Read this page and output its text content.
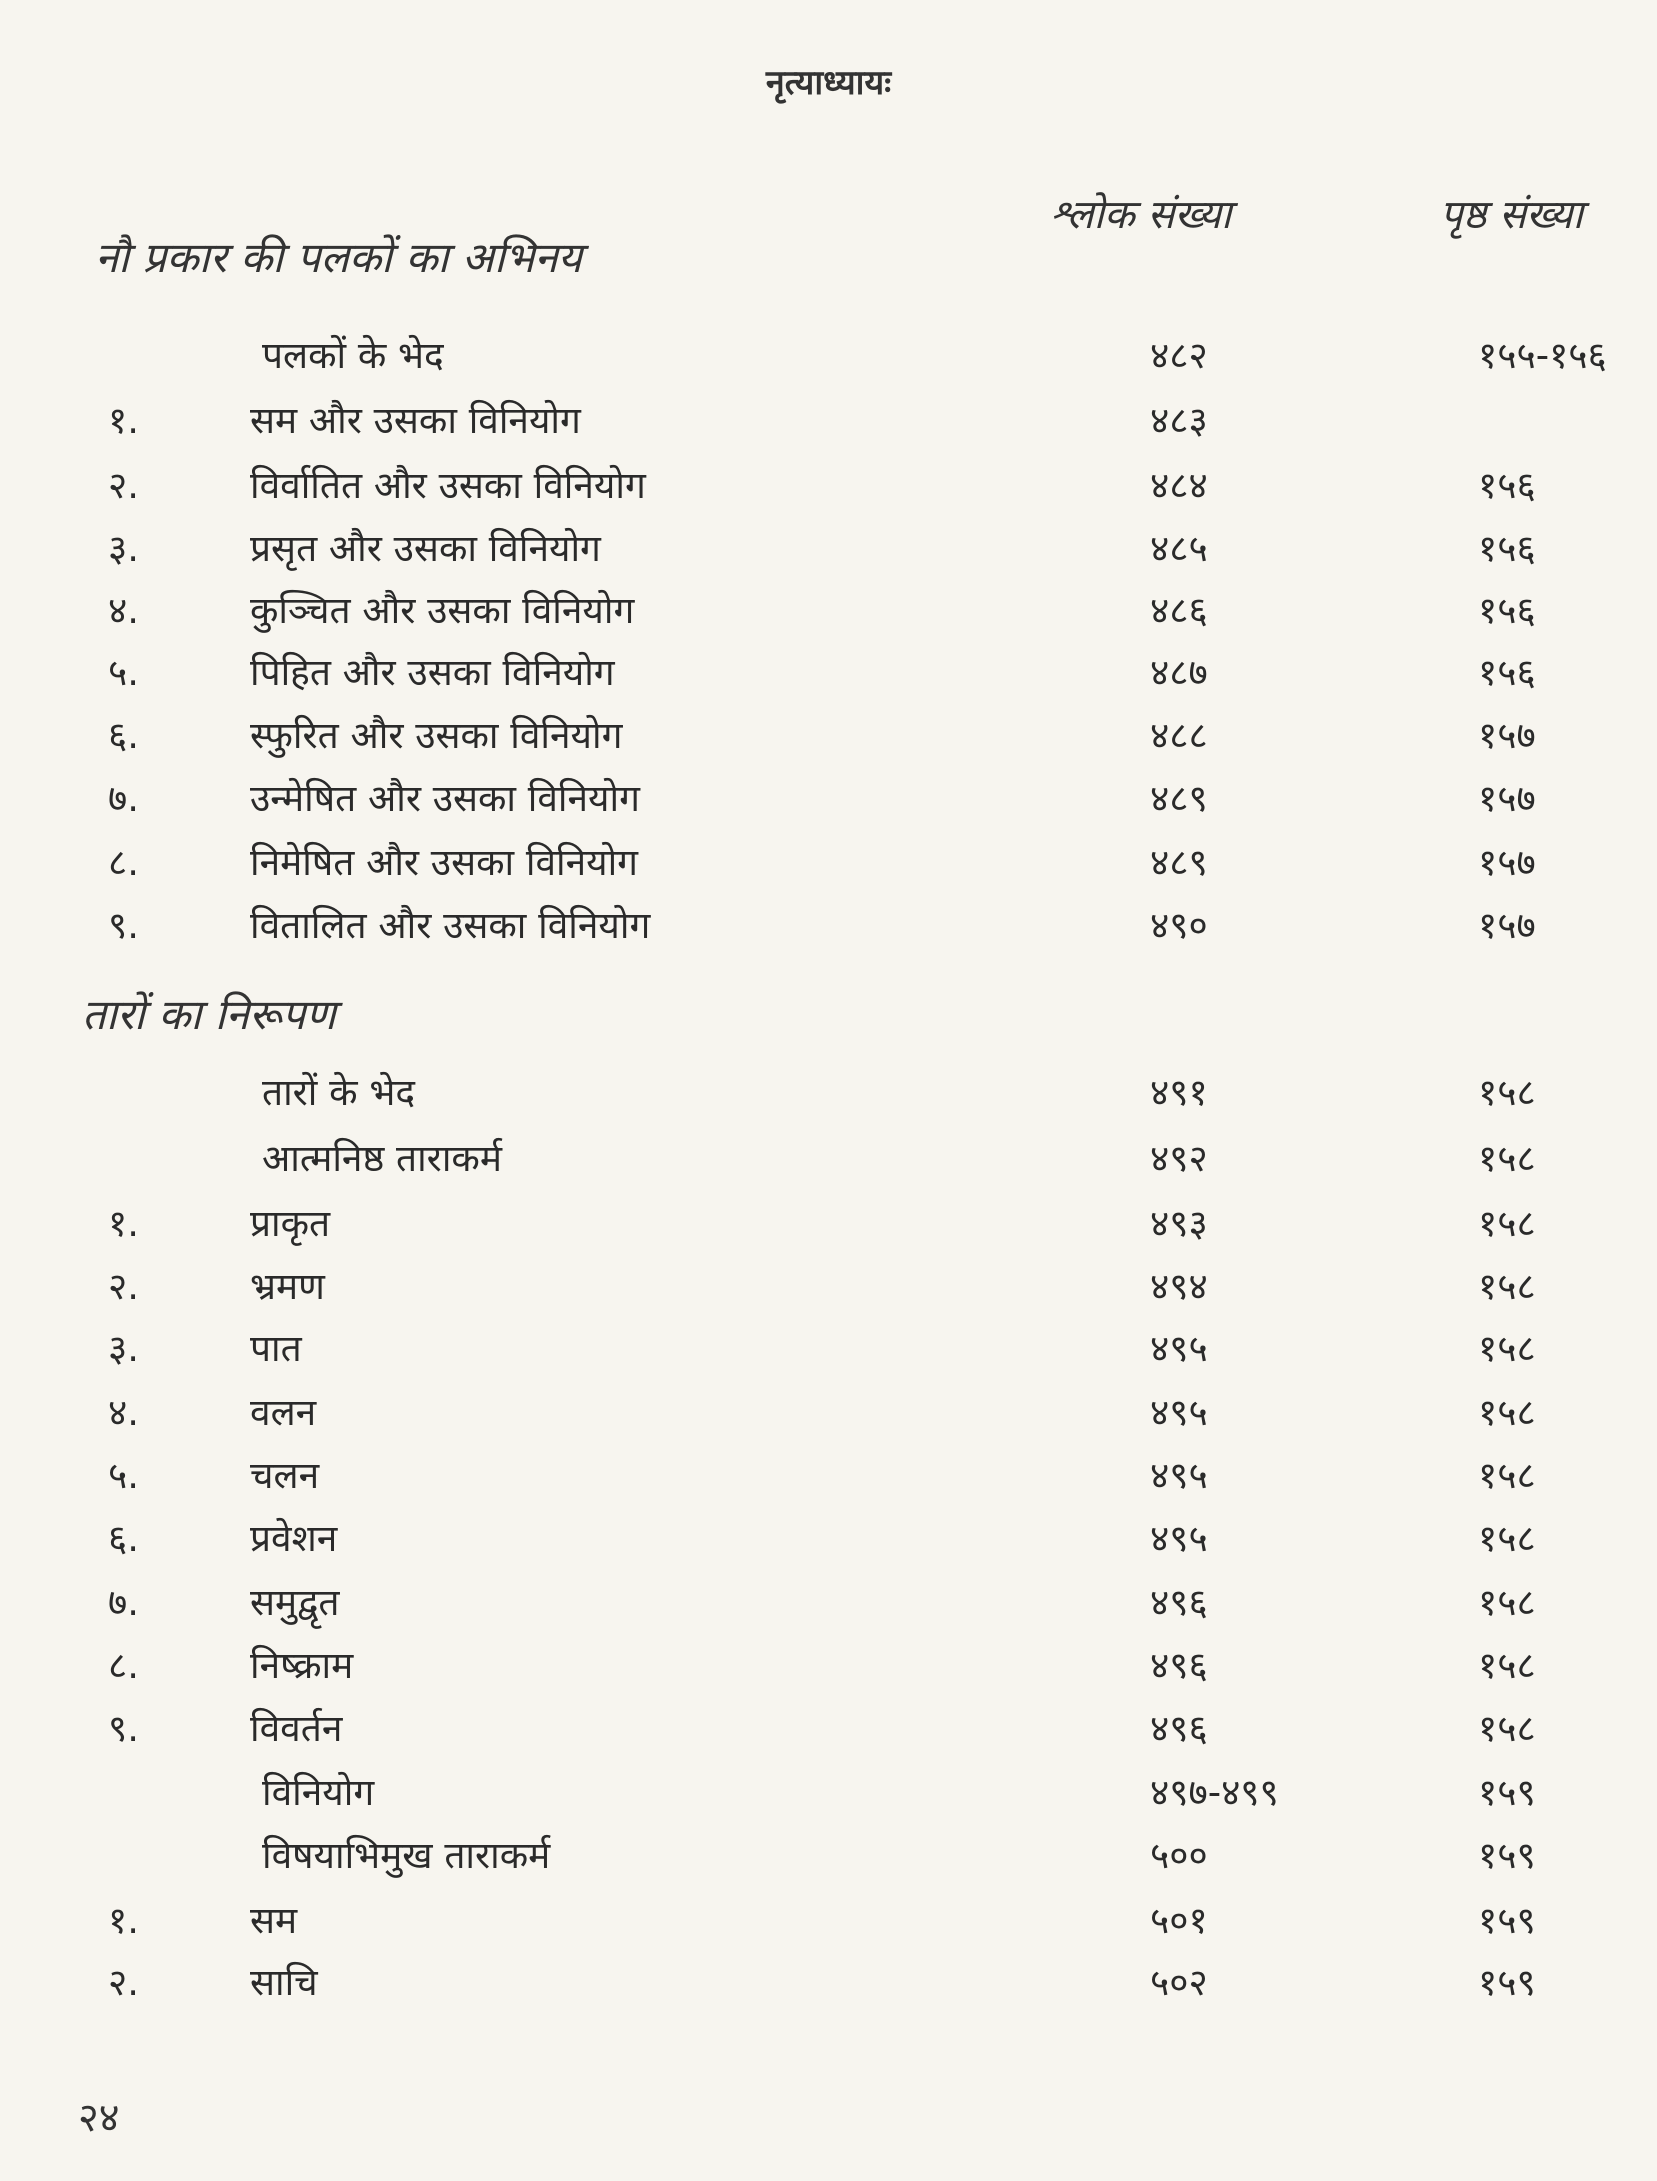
नृत्याध्यायः
श्लोक संख्या	पृष्ठ संख्या
नौ प्रकार की पलकों का अभिनय
पलकों के भेद	४८२	१५५-१५६
१.	सम और उसका विनियोग	४८३
२.	विर्वातित और उसका विनियोग	४८४	१५६
३.	प्रसृत और उसका विनियोग	४८५	१५६
४.	कुञ्चित और उसका विनियोग	४८६	१५६
५.	पिहित और उसका विनियोग	४८७	१५६
६.	स्फुरित और उसका विनियोग	४८८	१५७
७.	उन्मेषित और उसका विनियोग	४८९	१५७
८.	निमेषित और उसका विनियोग	४८९	१५७
९.	वितालित और उसका विनियोग	४९०	१५७
तारों का निरूपण
तारों के भेद	४९१	१५८
आत्मनिष्ठ ताराकर्म	४९२	१५८
१.	प्राकृत	४९३	१५८
२.	भ्रमण	४९४	१५८
३.	पात	४९५	१५८
४.	वलन	४९५	१५८
५.	चलन	४९५	१५८
६.	प्रवेशन	४९५	१५८
७.	समुद्वृत	४९६	१५८
८.	निष्क्राम	४९६	१५८
९.	विवर्तन	४९६	१५८
विनियोग	४९७-४९९	१५९
विषयाभिमुख ताराकर्म	५००	१५९
१.	सम	५०१	१५९
२.	साचि	५०२	१५९
२४
